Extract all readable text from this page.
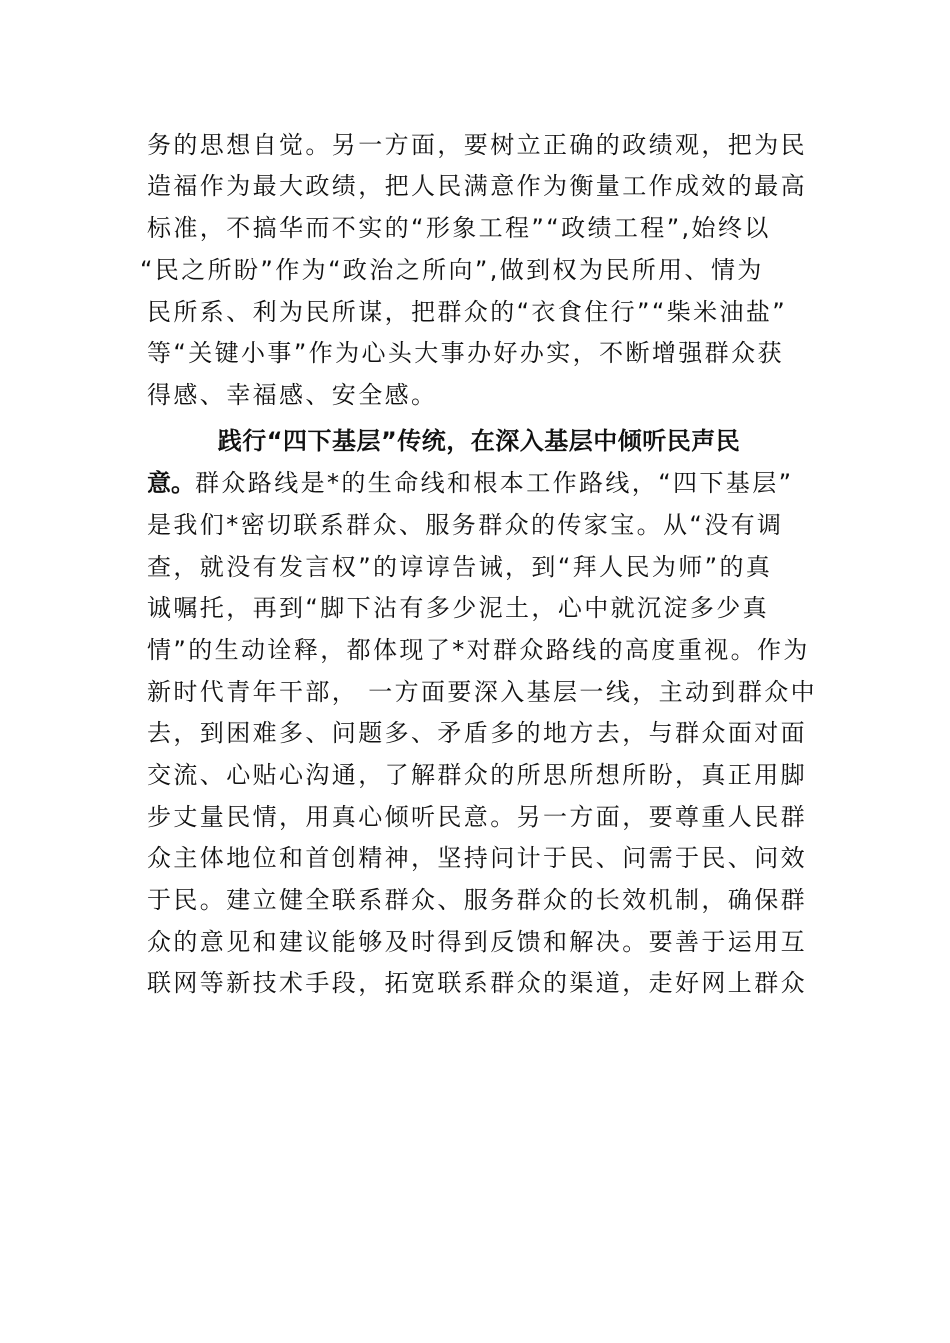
务的思想自觉。另一方面，要树立正确的政绩观，把为民
造福作为最大政绩，把人民满意作为衡量工作成效的最高
标准，不搞华而不实的“形象工程”“政绩工程”,始终以
“民之所盼”作为“政治之所向”,做到权为民所用、情为
民所系、利为民所谋，把群众的“衣食住行”“柴米油盐”
等“关键小事”作为心头大事办好办实，不断增强群众获
得感、幸福感、安全感。
践行“四下基层”传统，在深入基层中倾听民声民
意。群众路线是*的生命线和根本工作路线，“四下基层”
是我们*密切联系群众、服务群众的传家宝。从“没有调
查，就没有发言权”的谆谆告诫，到“拜人民为师”的真
诚嘱托，再到“脚下沾有多少泥土，心中就沉淀多少真
情”的生动诠释，都体现了*对群众路线的高度重视。作为
新时代青年干部， 一方面要深入基层一线，主动到群众中
去，到困难多、问题多、矛盾多的地方去，与群众面对面
交流、心贴心沟通，了解群众的所思所想所盼，真正用脚
步丈量民情，用真心倾听民意。另一方面，要尊重人民群
众主体地位和首创精神，坚持问计于民、问需于民、问效
于民。建立健全联系群众、服务群众的长效机制，确保群
众的意见和建议能够及时得到反馈和解决。要善于运用互
联网等新技术手段，拓宽联系群众的渠道，走好网上群众
